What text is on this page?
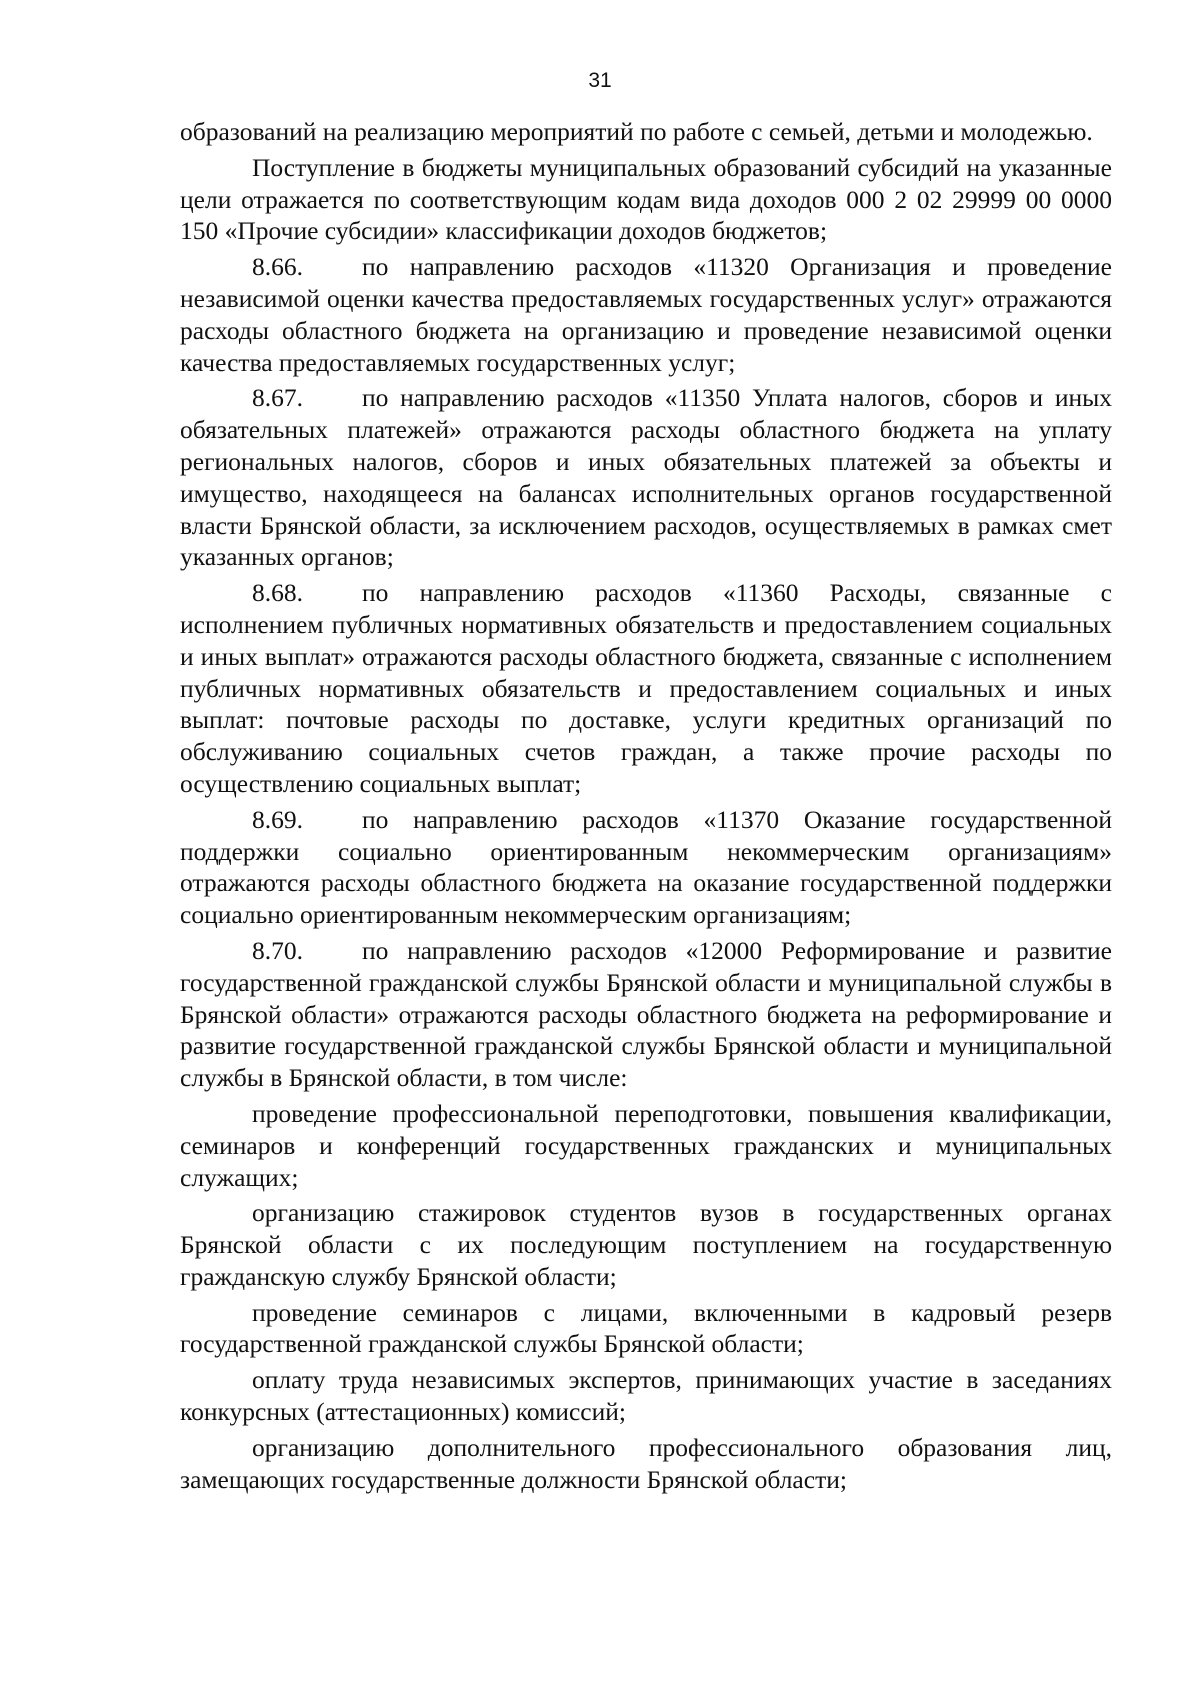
31

образований на реализацию мероприятий по работе с семьей, детьми и молодежью.

Поступление в бюджеты муниципальных образований субсидий на указанные цели отражается по соответствующим кодам вида доходов 000 2 02 29999 00 0000 150 «Прочие субсидии» классификации доходов бюджетов;

8.66. по направлению расходов «11320 Организация и проведение независимой оценки качества предоставляемых государственных услуг» отражаются расходы областного бюджета на организацию и проведение независимой оценки качества предоставляемых государственных услуг;

8.67. по направлению расходов «11350 Уплата налогов, сборов и иных обязательных платежей» отражаются расходы областного бюджета на уплату региональных налогов, сборов и иных обязательных платежей за объекты и имущество, находящееся на балансах исполнительных органов государственной власти Брянской области, за исключением расходов, осуществляемых в рамках смет указанных органов;

8.68. по направлению расходов «11360 Расходы, связанные с исполнением публичных нормативных обязательств и предоставлением социальных и иных выплат» отражаются расходы областного бюджета, связанные с исполнением публичных нормативных обязательств и предоставлением социальных и иных выплат: почтовые расходы по доставке, услуги кредитных организаций по обслуживанию социальных счетов граждан, а также прочие расходы по осуществлению социальных выплат;

8.69. по направлению расходов «11370 Оказание государственной поддержки социально ориентированным некоммерческим организациям» отражаются расходы областного бюджета на оказание государственной поддержки социально ориентированным некоммерческим организациям;

8.70. по направлению расходов «12000 Реформирование и развитие государственной гражданской службы Брянской области и муниципальной службы в Брянской области» отражаются расходы областного бюджета на реформирование и развитие государственной гражданской службы Брянской области и муниципальной службы в Брянской области, в том числе:

проведение профессиональной переподготовки, повышения квалификации, семинаров и конференций государственных гражданских и муниципальных служащих;

организацию стажировок студентов вузов в государственных органах Брянской области с их последующим поступлением на государственную гражданскую службу Брянской области;

проведение семинаров с лицами, включенными в кадровый резерв государственной гражданской службы Брянской области;

оплату труда независимых экспертов, принимающих участие в заседаниях конкурсных (аттестационных) комиссий;

организацию дополнительного профессионального образования лиц, замещающих государственные должности Брянской области;
